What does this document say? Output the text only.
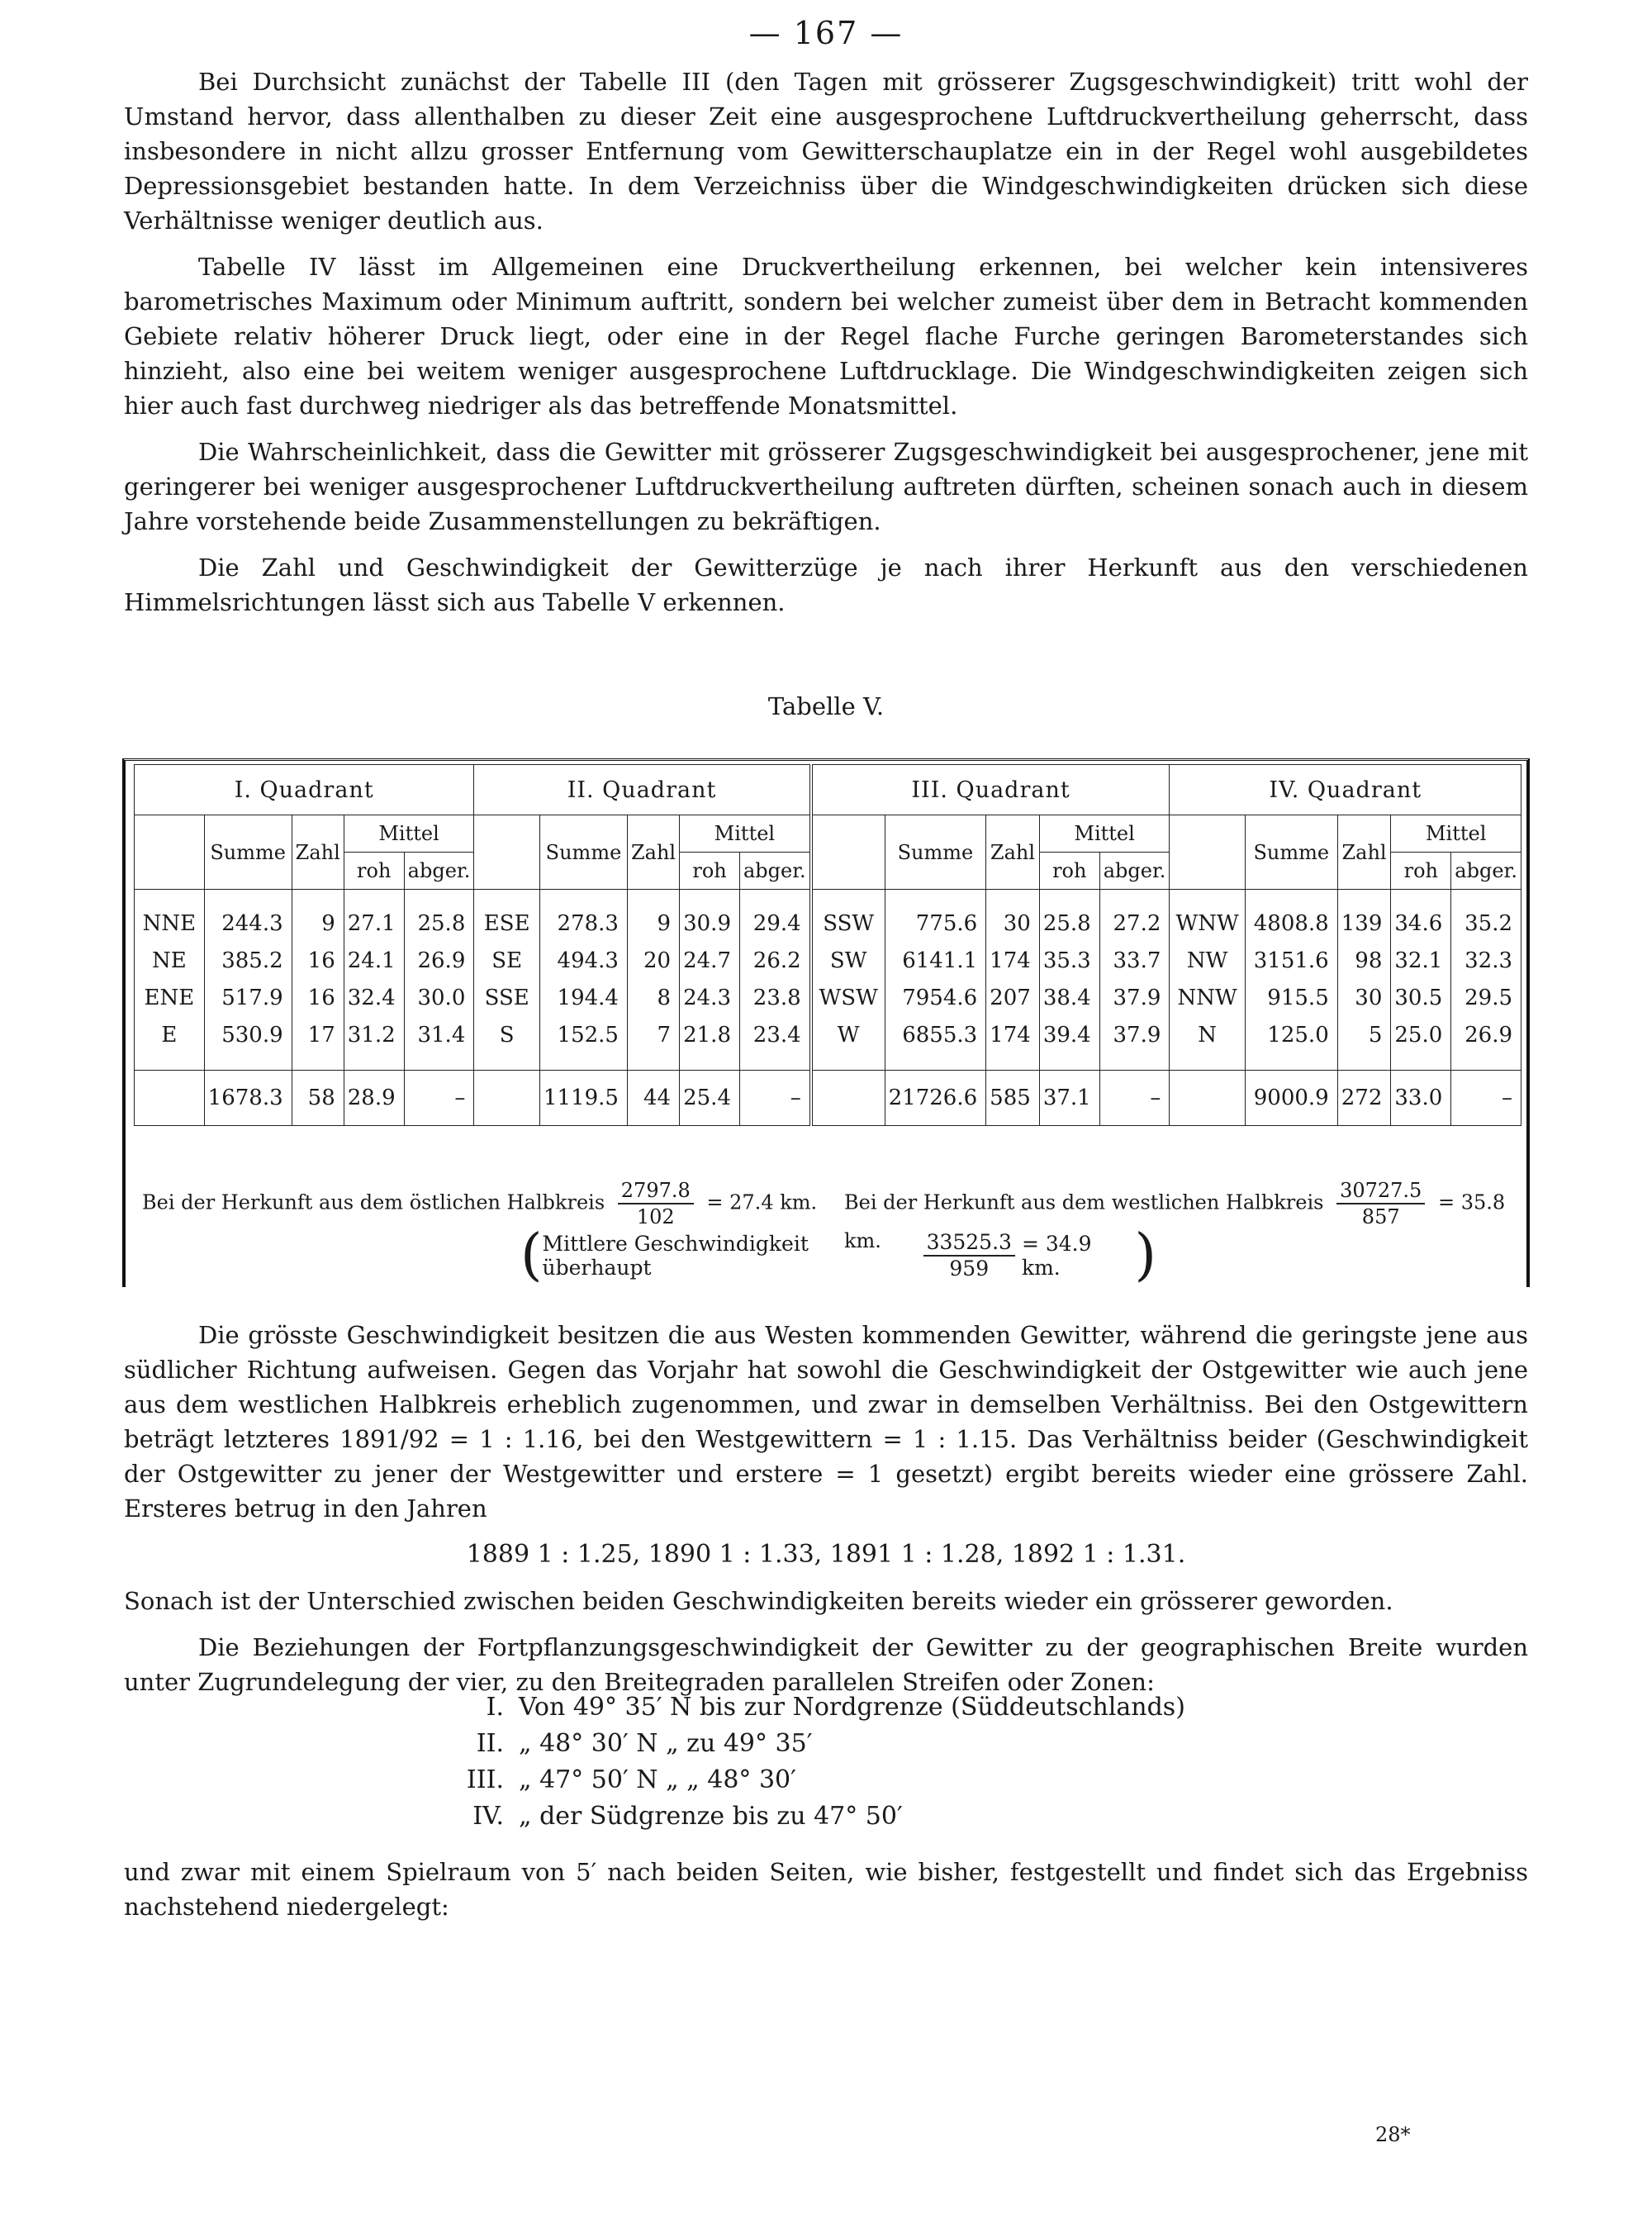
— 167 —

Bei Durchsicht zunächst der Tabelle III (den Tagen mit grösserer Zugsgeschwindigkeit) tritt wohl der Umstand hervor, dass allenthalben zu dieser Zeit eine ausgesprochene Luftdruckvertheilung geherrscht, dass insbesondere in nicht allzu grosser Entfernung vom Gewitterschauplatze ein in der Regel wohl ausgebildetes Depressionsgebiet bestanden hatte. In dem Verzeichniss über die Windgeschwindigkeiten drücken sich diese Verhältnisse weniger deutlich aus.

Tabelle IV lässt im Allgemeinen eine Druckvertheilung erkennen, bei welcher kein intensiveres barometrisches Maximum oder Minimum auftritt, sondern bei welcher zumeist über dem in Betracht kommenden Gebiete relativ höherer Druck liegt, oder eine in der Regel flache Furche geringen Barometerstandes sich hinzieht, also eine bei weitem weniger ausgesprochene Luftdrucklage. Die Windgeschwindigkeiten zeigen sich hier auch fast durchweg niedriger als das betreffende Monatsmittel.

Die Wahrscheinlichkeit, dass die Gewitter mit grösserer Zugsgeschwindigkeit bei ausgesprochener, jene mit geringerer bei weniger ausgesprochener Luftdruckvertheilung auftreten dürften, scheinen sonach auch in diesem Jahre vorstehende beide Zusammenstellungen zu bekräftigen.

Die Zahl und Geschwindigkeit der Gewitterzüge je nach ihrer Herkunft aus den verschiedenen Himmelsrichtungen lässt sich aus Tabelle V erkennen.

Tabelle V.
I. Quadrant					II. Quadrant					III. Quadrant					IV. Quadrant				
	Summe	Zahl	Mittel			Summe	Zahl	Mittel			Summe	Zahl	Mittel			Summe	Zahl	Mittel	
			roh	abger.				roh	abger.				roh	abger.				roh	abger.
NNE	244.3	9	27.1	25.8	ESE	278.3	9	30.9	29.4	SSW	775.6	30	25.8	27.2	WNW	4808.8	139	34.6	35.2
NE	385.2	16	24.1	26.9	SE	494.3	20	24.7	26.2	SW	6141.1	174	35.3	33.7	NW	3151.6	98	32.1	32.3
ENE	517.9	16	32.4	30.0	SSE	194.4	8	24.3	23.8	WSW	7954.6	207	38.4	37.9	NNW	915.5	30	30.5	29.5
E	530.9	17	31.2	31.4	S	152.5	7	21.8	23.4	W	6855.3	174	39.4	37.9	N	125.0	5	25.0	26.9
	1678.3	58	28.9	–		1119.5	44	25.4	–		21726.6	585	37.1	–		9000.9	272	33.0	–
Bei der Herkunft aus dem östlichen Halbkreis $\frac{2797.8}{102} = 27.4$ km. Bei der Herkunft aus dem westlichen Halbkreis $\frac{30727.5}{857} = 35.8$ km.
( Mittlere Geschwindigkeit überhaupt	$\frac{33525.3}{959} = 34.9$ km.	)

Die grösste Geschwindigkeit besitzen die aus Westen kommenden Gewitter, während die geringste jene aus südlicher Richtung aufweisen. Gegen das Vorjahr hat sowohl die Geschwindigkeit der Ostgewitter wie auch jene aus dem westlichen Halbkreis erheblich zugenommen, und zwar in demselben Verhältniss. Bei den Ostgewittern beträgt letzteres 1891/92 = 1 : 1.16, bei den Westgewittern = 1 : 1.15. Das Verhältniss beider (Geschwindigkeit der Ostgewitter zu jener der Westgewitter und erstere = 1 gesetzt) ergibt bereits wieder eine grössere Zahl. Ersteres betrug in den Jahren

1889 1 : 1.25, 1890 1 : 1.33, 1891 1 : 1.28, 1892 1 : 1.31.

Sonach ist der Unterschied zwischen beiden Geschwindigkeiten bereits wieder ein grösserer geworden.

Die Beziehungen der Fortpflanzungsgeschwindigkeit der Gewitter zu der geographischen Breite wurden unter Zugrundelegung der vier, zu den Breitegraden parallelen Streifen oder Zonen:

I. Von 49° 35′ N bis zur Nordgrenze (Süddeutschlands)
II. „ 48° 30′ N „ zu 49° 35′
III. „ 47° 50′ N „ „ 48° 30′
IV. „ der Südgrenze bis zu 47° 50′

und zwar mit einem Spielraum von 5′ nach beiden Seiten, wie bisher, festgestellt und findet sich das Ergebniss nachstehend niedergelegt:

28*
